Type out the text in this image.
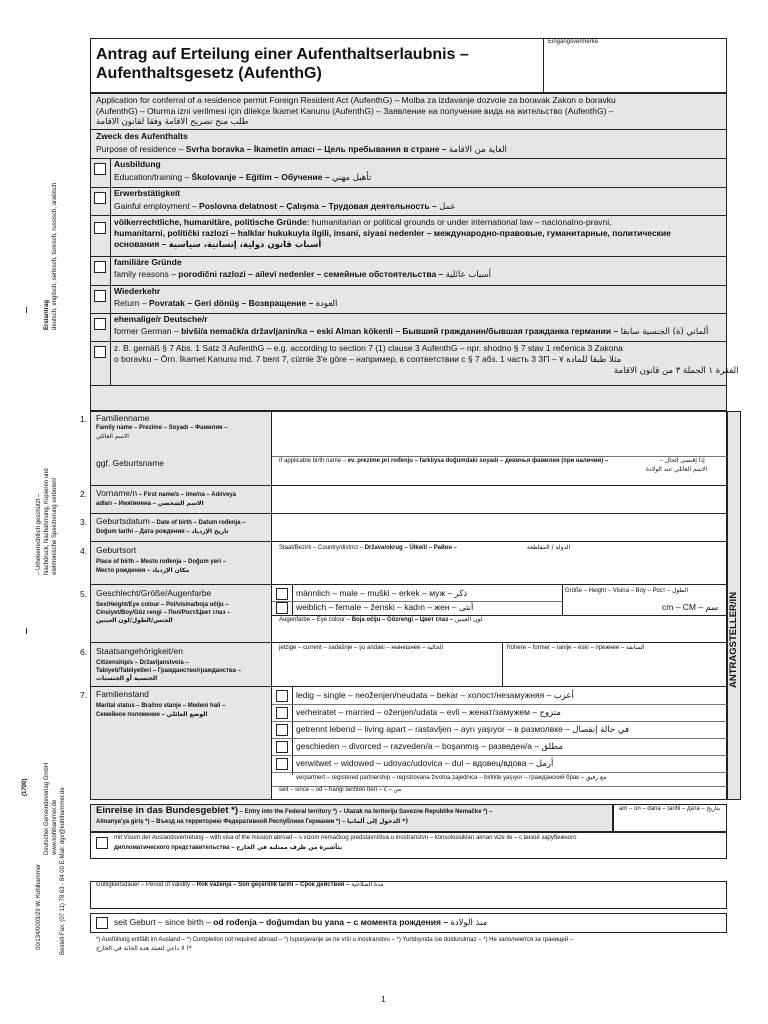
Erstantrag deutsch, englisch, serbisch, türkisch, russisch, arabisch
– Urheberrechtlich geschützt – Nachdruck, Nachahmung, Kopieren und elektronische Speicherung verboten!
(1700)
00/134/0003/29 W. Kohlhammer
Deutscher Gemeindeverlag GmbH www.kohlhammer.de Bestell-Fax: (07 11) 78 63 - 84 00 E-Mail: dgv@kohlhammer.de
Antrag auf Erteilung einer Aufenthaltserlaubnis –
Aufenthaltsgesetz (AufenthG)
Eingangsvermerke
Application for conferral of a residence permit Foreign Resident Act (AufenthG) – Molba za izdavanje dozvole za boravak Zakon o boravku
(AufenthG) – Oturma izni verilmesi için dilekçe İkamet Kanunu (AufenthG) – Заявление на получение вида на жительство (AufenthG) –
طلب منح تصريح الاقامة وفقا لقانون الاقامة
Zweck des Aufenthalts
Purpose of residence – Svrha boravka – İkametin amacı – Цель пребывания в стране – الغاية من الاقامة
Ausbildung
Education/training – Školovanje – Eğitim – Обучение – تأهيل مهني
Erwerbstätigkeit
Gainful employment – Poslovna delatnost – Çalışma – Трудовая деятельность – عمل
völkerrechtliche, humanitäre, politische Gründe: humanitarian or political grounds or under international law – nacionalno-pravni,
humanitarni, politički razlozi – halklar hukukuyla ilgili, insani, siyasi nedenler – международно-правовые, гуманитарные, политические
основания – أسباب قانون دولية، إنسانية، سياسية
familiäre Gründe
family reasons – porodični razlozi – ailevi nedenler – семейные обстоятельства – أسباب عائلية
Wiederkehr
Return – Povratak – Geri dönüş – Возвращение – العودة
ehemalige/r Deutsche/r
former German – bivši/a nemačk/a državljanin/ka – eski Alman kökenli – Бывший гражданин/бывшая гражданка германии – ألماني (ة) الجنسية سابقا
z. B. gemäß § 7 Abs. 1 Satz 3 AufenthG – e.g. according to section 7 (1) clause 3 AufenthG – npr. shodno § 7 stav 1 rečenica 3 Zakona
o boravku – Örn. İkamet Kanunu md. 7 bent 7, cümle 3'e göre – например, в соответствии с § 7 абз. 1 часть 3 ЗП – مثلا طبقا للمادة ٧
الفقرة ١ الجملة ٣ من قانون الاقامة
ANTRAGSTELLER/IN
1. Familienname
Family name – Prezime – Soyadı – Фамилия –
الاسم العائلي
ggf. Geburtsname	If applicable birth name – ev. prezime pri rođenju – farklıysa doğumdaki soyadı – девичья фамилия (при наличии) –	إذا إقتضى الحال –
الاسم العائلي عند الولادة
2. Vorname/n – First name/s – Ime/na – Adı/veya
adları – Имя/имена – الاسم الشخصي
3. Geburtsdatum – Date of birth – Datum rođenja –
Doğum tarihi – Дата рождения – تاريخ الإزدياد
4. Geburtsort
Place of birth – Mesto rođenja – Doğum yeri –
Место рождения – مكان الإزدياد
Staat/Bezirk – Country/district – Država/okrug – Ülke/il – Район –	الدولة / المقاطعة
5. Geschlecht/Größe/Augenfarbe
Sex/Height/Eye colour – Pol/visina/boja očiju –
Cinsiyet/Boy/Göz rengi – Пол/Рост/Цвет глаз –
الجنس/الطول/لون العينين
männlich – male – muški – erkek – муж – ذكر
weiblich – female – ženski – kadın – жен – أنثى
Größe – Height – Visina – Boy – Рост – الطول
cm – CM – سم
Augenfarbe – Eye colour – Boja očiju – Gözrengi – Цвет глаз – لون العينين
6. Staatsangehörigkeit/en
Citizenship/s – Državljanstvo/a –
Tabiyeti/Tabiiyetleri – Гражданство/гражданства –
الجنسية أو الجنسيات
jetzige – current – sadašnje – şu andaki – нынешнее – الحالية	frühere – former – ranije – eski – прежнее – السابقة
7. Familienstand
Marital status – Bračno stanje – Medeni hali –
Семейное положение – الوضع العائلي
ledig – single – neoženjen/neudata – bekar – холост/незамужняя – أعزب
verheiratet – married – oženjen/udata – evli – женат/замужем – متزوج
getrennt lebend – living apart – rastavljen – ayrı yaşıyor – в размолвке – في حالة إنفصال
geschieden – divorced – razveden/a – boşanmış – разведен/а – مطلق
verwitwet – widowed – udovac/udovica – dul – вдовец/вдова – أرمل
verpartnert – registered partnership – registrovana životna zajednica – birlikte yaşıyor – гражданский брак – مع رفيق
seit – since – od – hangi tarihten beri – с – من
Einreise in das Bundesgebiet *) – Entry into the Federal territory *) – Ulazak na teritoriju Savezne Republike Nemačke *) –
Almanya'ya giriş *) – Въезд на территорию Федеративной Республики Германии *) – الدخول إلى ألمانيا *)
am – on – dana – tarihi – дата – بتاريخ
mit Visum der Auslandsvertretung – with visa of the mission abroad – s vizom nemačkog predstavništva u inostranstvu – konsoloslukları alınan vize ile – с визой зарубежного
дипломатического представительства – بتأشيرة من طرف ممثلية في الخارج
Gültigkeitsdauer – Period of validity – Rok važenja – Son geçerlilik tarihi – Срок действия – مدة الصلاحية
seit Geburt – since birth – od rođenja – doğumdan bu yana – с момента рождения – منذ الولادة
*) Ausfüllung entfällt im Ausland – *) Completion not required abroad – *) Ispunjavanje se ne vrši u inostranstvu – *) Yurtdışında ise doldurulmaz – *) Не заполняется за границей –
*) لا داعي لتعبئة هذه الخانة في الخارج
1
